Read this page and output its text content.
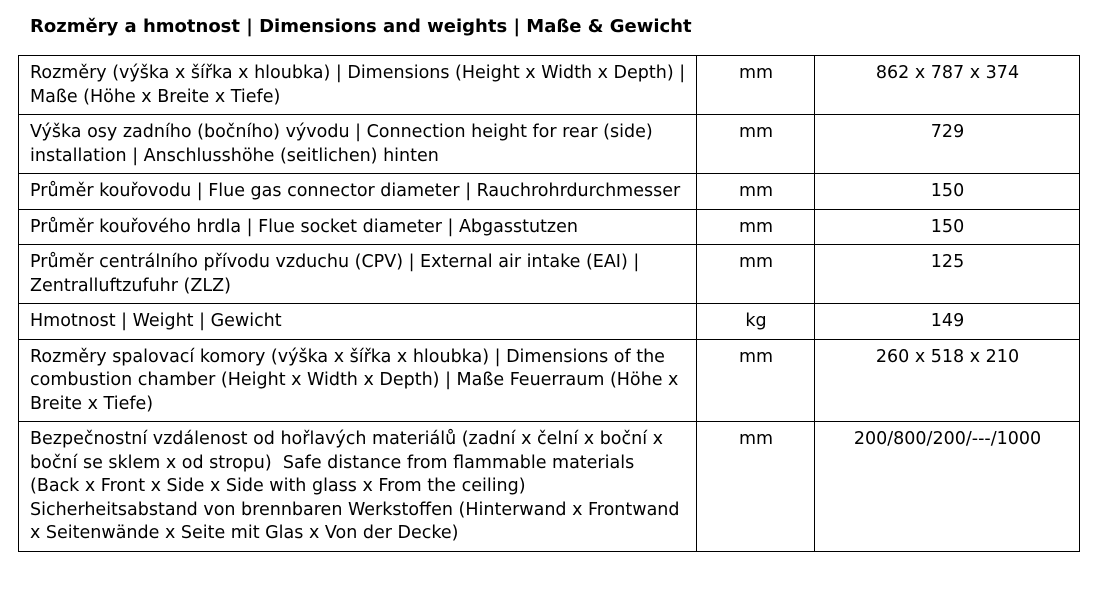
Rozměry a hmotnost | Dimensions and weights | Maße & Gewicht
Rozměry (výška x šířka x hloubka) | Dimensions (Height x Width x Depth) | Maße (Höhe x Breite x Tiefe)	mm	862 x 787 x 374
Výška osy zadního (bočního) vývodu | Connection height for rear (side) installation | Anschlusshöhe (seitlichen) hinten	mm	729
Průměr kouřovodu | Flue gas connector diameter | Rauchrohrdurchmesser	mm	150
Průměr kouřového hrdla | Flue socket diameter | Abgasstutzen	mm	150
Průměr centrálního přívodu vzduchu (CPV) | External air intake (EAI) | Zentralluftzufuhr (ZLZ)	mm	125
Hmotnost | Weight | Gewicht	kg	149
Rozměry spalovací komory (výška x šířka x hloubka) | Dimensions of the combustion chamber (Height x Width x Depth) | Maße Feuerraum (Höhe x Breite x Tiefe)	mm	260 x 518 x 210
Bezpečnostní vzdálenost od hořlavých materiálů (zadní x čelní x boční x boční se sklem x od stropu)  Safe distance from flammable materials (Back x Front x Side x Side with glass x From the ceiling) Sicherheitsabstand von brennbaren Werkstoffen (Hinterwand x Frontwand x Seitenwände x Seite mit Glas x Von der Decke)	mm	200/800/200/---/1000
